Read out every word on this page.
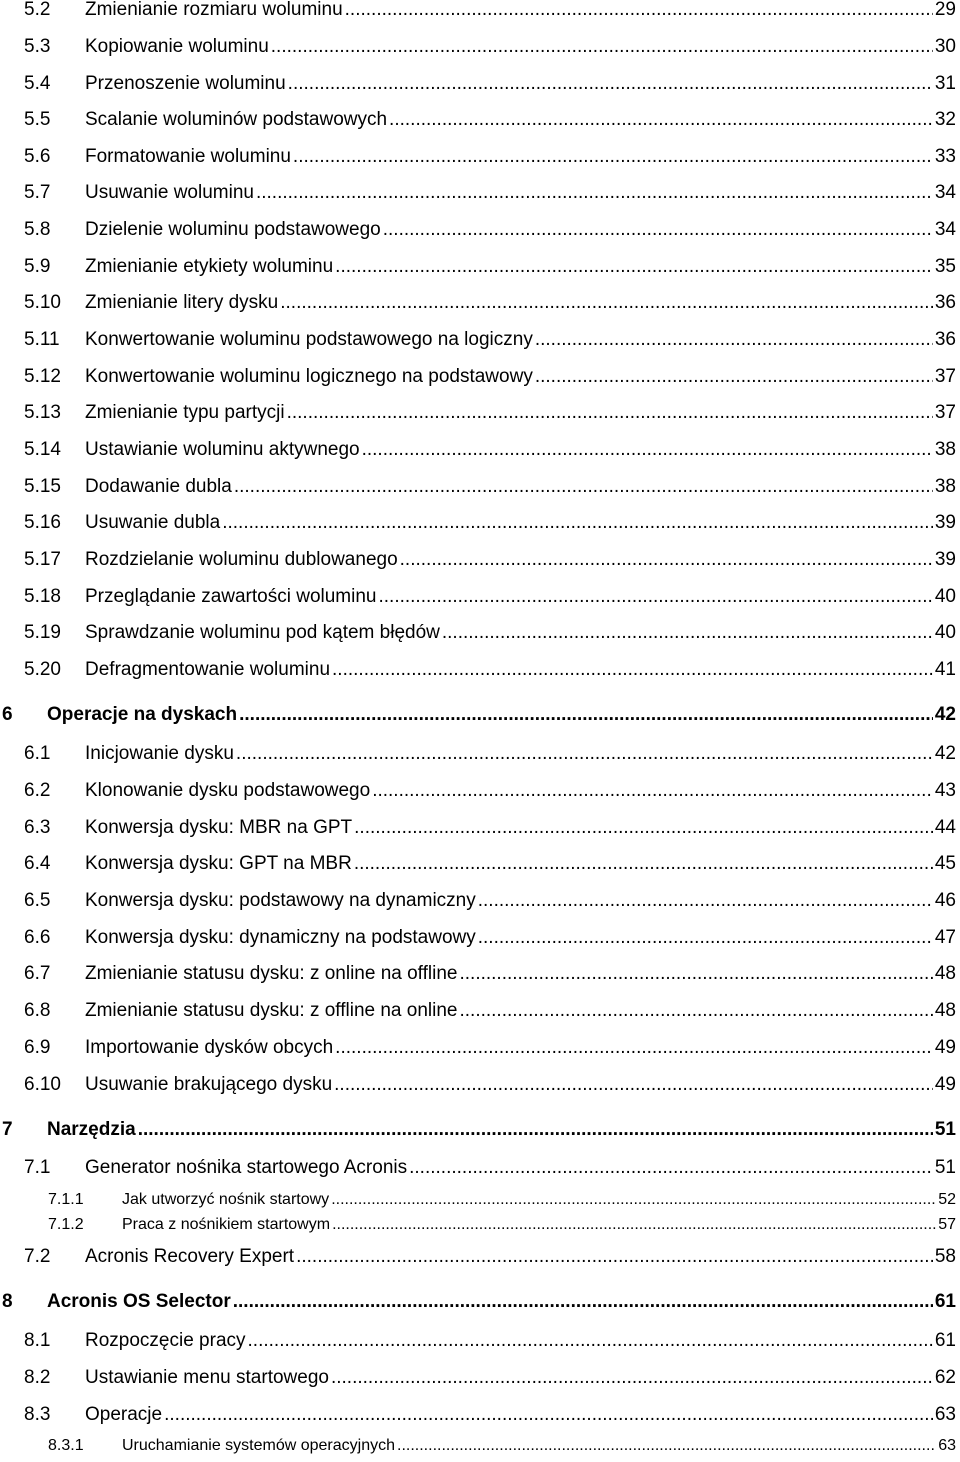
5.2	Zmienianie rozmiaru woluminu .....	29
5.3	Kopiowanie woluminu .....	30
5.4	Przenoszenie woluminu .....	31
5.5	Scalanie woluminów podstawowych .....	32
5.6	Formatowanie woluminu .....	33
5.7	Usuwanie woluminu .....	34
5.8	Dzielenie woluminu podstawowego .....	34
5.9	Zmienianie etykiety woluminu .....	35
5.10	Zmienianie litery dysku .....	36
5.11	Konwertowanie woluminu podstawowego na logiczny .....	36
5.12	Konwertowanie woluminu logicznego na podstawowy .....	37
5.13	Zmienianie typu partycji .....	37
5.14	Ustawianie woluminu aktywnego .....	38
5.15	Dodawanie dubla .....	38
5.16	Usuwanie dubla .....	39
5.17	Rozdzielanie woluminu dublowanego .....	39
5.18	Przeglądanie zawartości woluminu .....	40
5.19	Sprawdzanie woluminu pod kątem błędów .....	40
5.20	Defragmentowanie woluminu .....	41
6	Operacje na dyskach .....	42
6.1	Inicjowanie dysku .....	42
6.2	Klonowanie dysku podstawowego .....	43
6.3	Konwersja dysku: MBR na GPT .....	44
6.4	Konwersja dysku: GPT na MBR .....	45
6.5	Konwersja dysku: podstawowy na dynamiczny .....	46
6.6	Konwersja dysku: dynamiczny na podstawowy .....	47
6.7	Zmienianie statusu dysku: z online na offline .....	48
6.8	Zmienianie statusu dysku: z offline na online .....	48
6.9	Importowanie dysków obcych .....	49
6.10	Usuwanie brakującego dysku .....	49
7	Narzędzia .....	51
7.1	Generator nośnika startowego Acronis .....	51
7.1.1	Jak utworzyć nośnik startowy .....	52
7.1.2	Praca z nośnikiem startowym .....	57
7.2	Acronis Recovery Expert .....	58
8	Acronis OS Selector .....	61
8.1	Rozpoczęcie pracy .....	61
8.2	Ustawianie menu startowego .....	62
8.3	Operacje .....	63
8.3.1	Uruchamianie systemów operacyjnych .....	63
